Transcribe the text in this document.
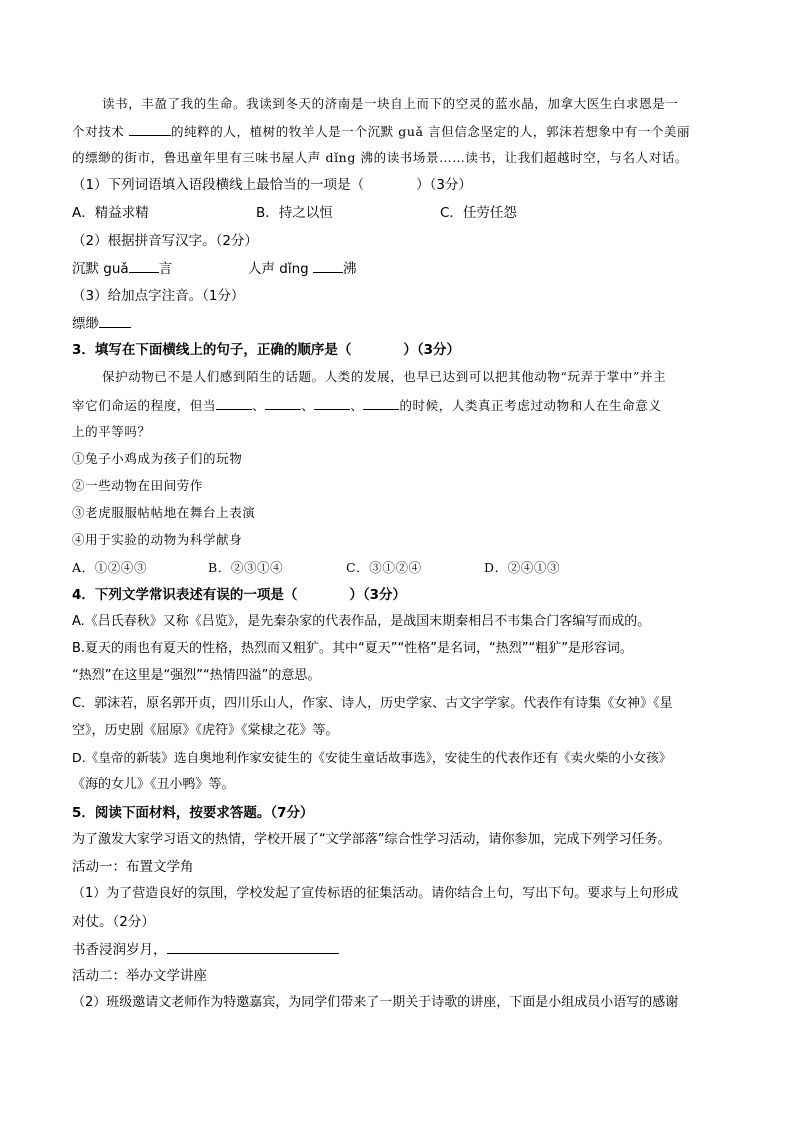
读书，丰盈了我的生命。我读到冬天的济南是一块自上而下的空灵的蓝水晶，加拿大医生白求恩是一
个对技术	的纯粹的人，植树的牧羊人是一个沉默 guǎ 言但信念坚定的人，郭沫若想象中有一个美丽
的缥缈的街市，鲁迅童年里有三味书屋人声 dǐng 沸的读书场景……读书，让我们超越时空，与名人对话。
（1）下列词语填入语段横线上最恰当的一项是（	）（3分）
A．精益求精	B．持之以恒	C．任劳任怨
（2）根据拼音写汉字。（2分）
沉默 guǎ 言	人声 dǐng	沸
（3）给加点字注音。（1分）
缥缈
3．填写在下面横线上的句子，正确的顺序是（	）（3分）
保护动物已不是人们感到陌生的话题。人类的发展，也早已达到可以把其他动物“玩弄于掌中”并主
宰它们命运的程度，但当	、	、	、	的时候，人类真正考虑过动物和人在生命意义
上的平等吗？
①兔子小鸡成为孩子们的玩物
②一些动物在田间劳作
③老虎服服帖帖地在舞台上表演
④用于实验的动物为科学献身
A．①②④③	B．②③①④	C．③①②④	D．②④①③
4．下列文学常识表述有误的一项是（	）（3分）
A.《吕氏春秋》又称《吕览》，是先秦杂家的代表作品，是战国末期秦相吕不韦集合门客编写而成的。
B.夏天的雨也有夏天的性格，热烈而又粗犷。其中“夏天”“性格”是名词，“热烈”“粗犷”是形容词。
“热烈”在这里是“强烈”“热情四溢”的意思。
C．郭沫若，原名郭开贞，四川乐山人，作家、诗人，历史学家、古文字学家。代表作有诗集《女神》《星
空》，历史剧《屈原》《虎符》《棠棣之花》等。
D.《皇帝的新装》选自奥地利作家安徒生的《安徒生童话故事选》，安徒生的代表作还有《卖火柴的小女孩》
《海的女儿》《丑小鸭》等。
5．阅读下面材料，按要求答题。（7分）
为了激发大家学习语文的热情，学校开展了“文学部落”综合性学习活动，请你参加，完成下列学习任务。
活动一：布置文学角
（1）为了营造良好的氛围，学校发起了宣传标语的征集活动。请你结合上句，写出下句。要求与上句形成
对仗。（2分）
书香浸润岁月，
活动二：举办文学讲座
（2）班级邀请文老师作为特邀嘉宾，为同学们带来了一期关于诗歌的讲座，下面是小组成员小语写的感谢
